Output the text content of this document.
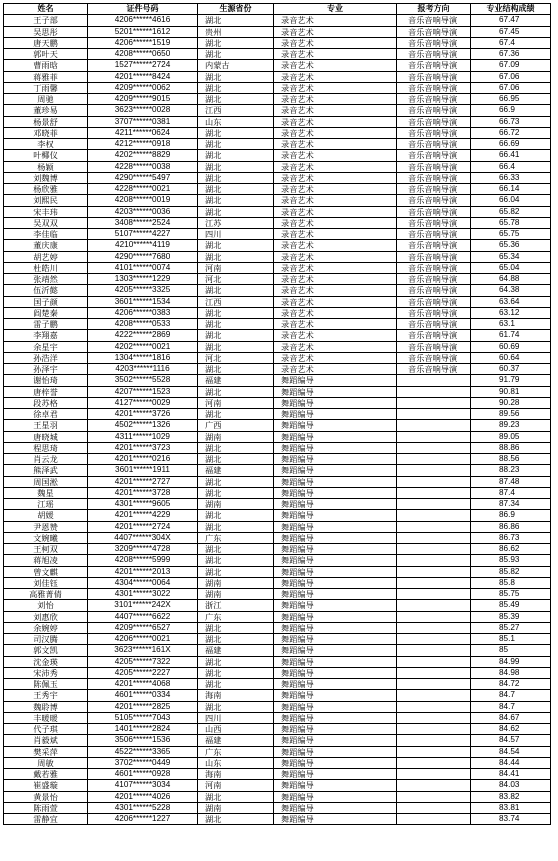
姓名	证件号码	生源省份	专业	报考方向	专业结构成绩
王子部	4206******4616	湖北	录音艺术	音乐音响导演	67.47
吴思彤	5201******1612	贵州	录音艺术	音乐音响导演	67.45
唐天鹏	4206******1519	湖北	录音艺术	音乐音响导演	67.4
郭叶天	4208******0650	湖北	录音艺术	音乐音响导演	67.36
曹雨晗	1527******2724	内蒙古	录音艺术	音乐音响导演	67.09
蒋雅菲	4201******8424	湖北	录音艺术	音乐音响导演	67.06
丁雨馨	4209******0062	湖北	录音艺术	音乐音响导演	67.06
周驰	4209******9015	湖北	录音艺术	音乐音响导演	66.95
董珍易	3623******0028	江西	录音艺术	音乐音响导演	66.9
杨景舒	3707******0381	山东	录音艺术	音乐音响导演	66.73
邓晓菲	4211******0624	湖北	录音艺术	音乐音响导演	66.72
李权	4212******0918	湖北	录音艺术	音乐音响导演	66.69
叶椰仪	4202******8829	湖北	录音艺术	音乐音响导演	66.41
杨颖	4228******0038	湖北	录音艺术	音乐音响导演	66.4
刘魏博	4290******5497	湖北	录音艺术	音乐音响导演	66.33
杨欣雅	4228******0021	湖北	录音艺术	音乐音响导演	66.14
刘熙民	4208******0019	湖北	录音艺术	音乐音响导演	66.04
宋丰玮	4203******0036	湖北	录音艺术	音乐音响导演	65.82
吴双双	3408******2524	江苏	录音艺术	音乐音响导演	65.78
李佳临	5107******4227	四川	录音艺术	音乐音响导演	65.75
董庆康	4210******4119	湖北	录音艺术	音乐音响导演	65.36
胡艺婷	4290******7680	湖北	录音艺术	音乐音响导演	65.34
杜皓川	4101******0074	河南	录音艺术	音乐音响导演	65.04
张靖然	1303******1229	河北	录音艺术	音乐音响导演	64.88
伍沂懿	4205******3325	湖北	录音艺术	音乐音响导演	64.38
国子颜	3601******1534	江西	录音艺术	音乐音响导演	63.64
阎楚秦	4206******0383	湖北	录音艺术	音乐音响导演	63.12
雷子鹏	4208******0533	湖北	录音艺术	音乐音响导演	63.1
李翔嘉	4222******2869	湖北	录音艺术	音乐音响导演	61.74
余星宇	4202******0021	湖北	录音艺术	音乐音响导演	60.69
孙浩洋	1304******1816	河北	录音艺术	音乐音响导演	60.64
孙泽宇	4203******1116	湖北	录音艺术	音乐音响导演	60.37
谢怡琦	3502******5528	福建	舞蹈编导		91.79
唐梓誉	4207******1523	湖北	舞蹈编导		90.81
段苏格	4127******0029	河南	舞蹈编导		90.28
徐卓君	4201******3726	湖北	舞蹈编导		89.56
王星羽	4502******1326	广西	舞蹈编导		89.23
唐晓城	4311******1029	湖南	舞蹈编导		89.05
程思琦	4201******3723	湖北	舞蹈编导		88.86
肖云龙	4201******0216	湖北	舞蹈编导		88.56
熊泽武	3601******1911	福建	舞蹈编导		88.23
周国淞	4201******2727	湖北	舞蹈编导		87.48
魏星	4201******3728	湖北	舞蹈编导		87.4
江瑶	4301******9605	湖南	舞蹈编导		87.34
胡媛	4201******4229	湖北	舞蹈编导		86.9
尹恩赞	4201******2724	湖北	舞蹈编导		86.86
文婉曦	4407******304X	广东	舞蹈编导		86.73
王柯双	3209******4728	湖北	舞蹈编导		86.62
蒋旭凌	4208******5999	湖北	舞蹈编导		85.93
曾文麒	4201******2013	湖北	舞蹈编导		85.82
刘佳钰	4304******0064	湖南	舞蹈编导		85.8
高雅菁倩	4301******3022	湖南	舞蹈编导		85.75
刘怡	3101******242X	浙江	舞蹈编导		85.49
刘惠欣	4407******6622	广东	舞蹈编导		85.39
余婉婷	4209******6527	湖北	舞蹈编导		85.27
司汉腾	4206******0021	湖北	舞蹈编导		85.1
郭文凯	3623******161X	福建	舞蹈编导		85
沈金瑛	4205******7322	湖北	舞蹈编导		84.99
宋沛秀	4205******2227	湖北	舞蹈编导		84.98
陈佩玉	4201******4068	湖北	舞蹈编导		84.72
王秀宇	4601******0334	海南	舞蹈编导		84.7
魏聆博	4201******2825	湖北	舞蹈编导		84.7
丰暖暖	5105******7043	四川	舞蹈编导		84.67
代子琪	1401******2824	山西	舞蹈编导		84.62
肖毅斌	3506******1536	福建	舞蹈编导		84.57
樊采萍	4522******3365	广东	舞蹈编导		84.54
周敏	3702******0449	山东	舞蹈编导		84.44
戴若雅	4601******0928	海南	舞蹈编导		84.41
崔盛璇	4107******3034	河南	舞蹈编导		84.03
黄景怡	4201******4026	湖北	舞蹈编导		83.82
陈雨萱	4301******5228	湖南	舞蹈编导		83.81
雷静宜	4206******1227	湖北	舞蹈编导		83.74
